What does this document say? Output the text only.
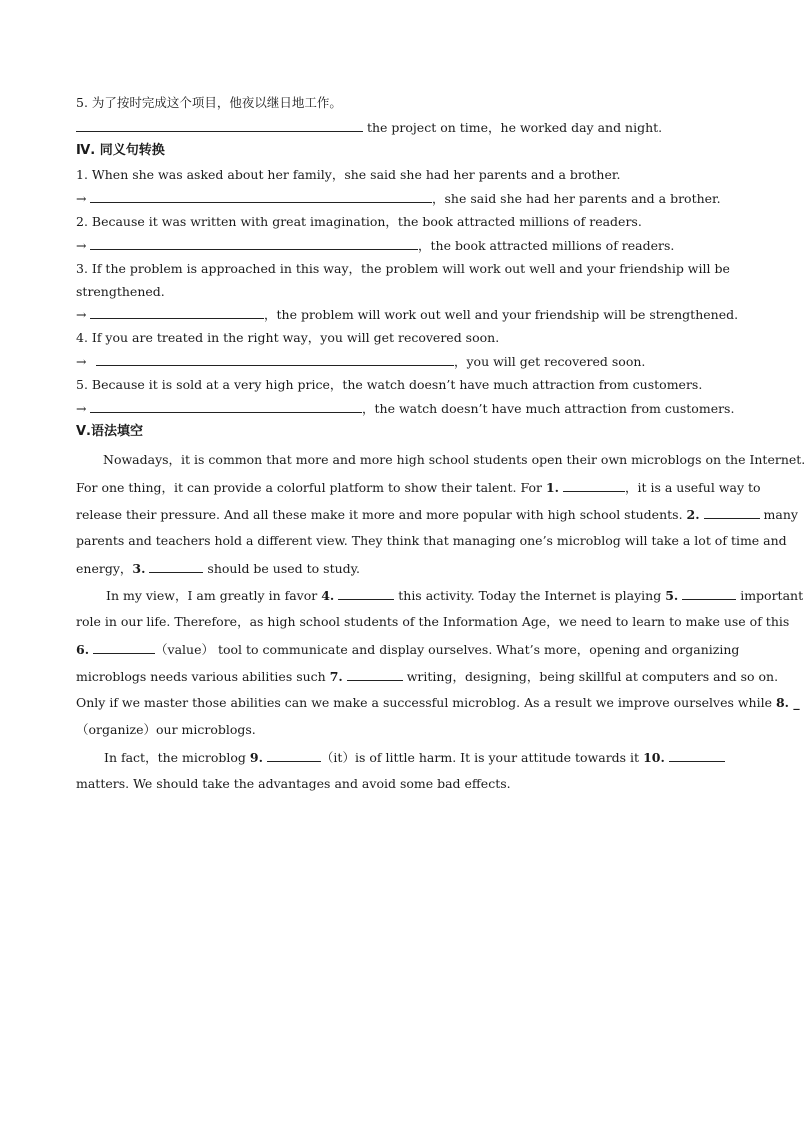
5. 为了按时完成这个项目，他夜以继日地工作。
the project on time，he worked day and night.
Ⅳ. 同义句转换
1. When she was asked about her family，she said she had her parents and a brother.
→	，she said she had her parents and a brother.
2. Because it was written with great imagination，the book attracted millions of readers.
→	，the book attracted millions of readers.
3. If the problem is approached in this way，the problem will work out well and your friendship will be
strengthened.
→	，the problem will work out well and your friendship will be strengthened.
4. If you are treated in the right way，you will get recovered soon.
→	，you will get recovered soon.
5. Because it is sold at a very high price，the watch doesn’t have much attraction from customers.
→	，the watch doesn’t have much attraction from customers.
Ⅴ.语法填空
Nowadays，it is common that more and more high school students open their own microblogs on the Internet.
For one thing，it can provide a colorful platform to show their talent. For 1.	，it is a useful way to
release their pressure. And all these make it more and more popular with high school students. 2.	many
parents and teachers hold a different view. They think that managing one’s microblog will take a lot of time and
energy，3.	should be used to study.
In my view，I am greatly in favor 4.	this activity. Today the Internet is playing 5.	important
role in our life. Therefore，as high school students of the Information Age，we need to learn to make use of this
6.	（value） tool to communicate and display ourselves. What’s more，opening and organizing
microblogs needs various abilities such 7.	writing，designing，being skillful at computers and so on.
Only if we master those abilities can we make a successful microblog. As a result we improve ourselves while 8. _
（organize）our microblogs.
In fact，the microblog 9.	（it）is of little harm. It is your attitude towards it 10.
matters. We should take the advantages and avoid some bad effects.
